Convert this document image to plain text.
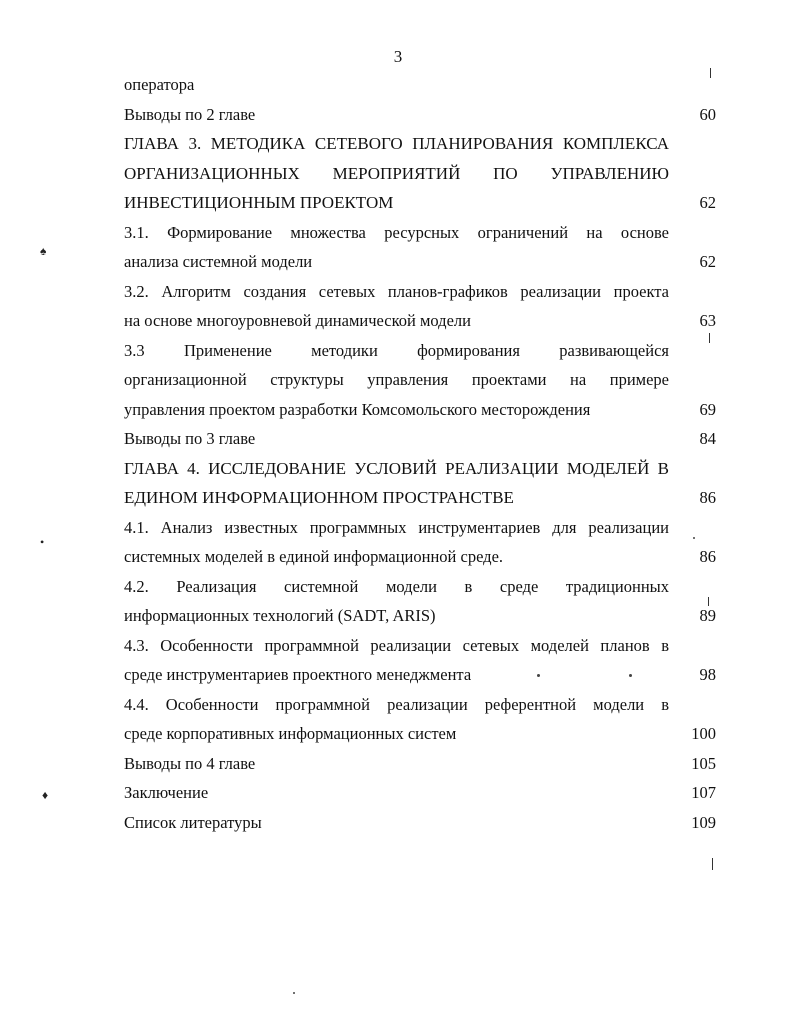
3
оператора
Выводы по 2 главе	60
ГЛАВА 3. МЕТОДИКА СЕТЕВОГО ПЛАНИРОВАНИЯ КОМПЛЕКСА
ОРГАНИЗАЦИОННЫХ МЕРОПРИЯТИЙ ПО УПРАВЛЕНИЮ
ИНВЕСТИЦИОННЫМ ПРОЕКТОМ	62
3.1. Формирование множества ресурсных ограничений на основе
анализа системной модели	62
3.2. Алгоритм создания сетевых планов-графиков реализации проекта
на основе многоуровневой динамической модели	63
3.3 Применение методики формирования развивающейся
организационной структуры управления проектами на примере
управления проектом разработки Комсомольского месторождения	69
Выводы по 3 главе	84
ГЛАВА 4. ИССЛЕДОВАНИЕ УСЛОВИЙ РЕАЛИЗАЦИИ МОДЕЛЕЙ В
ЕДИНОМ ИНФОРМАЦИОННОМ ПРОСТРАНСТВЕ	86
4.1. Анализ известных программных инструментариев для реализации
системных моделей в единой информационной среде.	86
4.2. Реализация системной модели в среде традиционных
информационных технологий (SADT, ARIS)	89
4.3. Особенности программной реализации сетевых моделей планов в
среде инструментариев проектного менеджмента	98
4.4. Особенности программной реализации референтной модели в
среде корпоративных информационных систем	100
Выводы по 4 главе	105
Заключение	107
Список литературы	109
♠
•
♦
